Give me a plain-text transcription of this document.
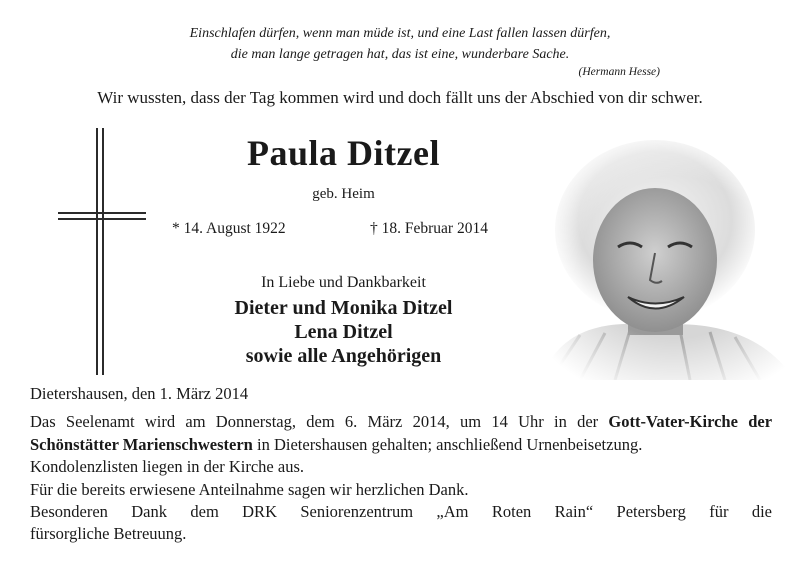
Einschlafen dürfen, wenn man müde ist, und eine Last fallen lassen dürfen,
die man lange getragen hat, das ist eine, wunderbare Sache.
(Hermann Hesse)
Wir wussten, dass der Tag kommen wird und doch fällt uns der Abschied von dir schwer.
Paula Ditzel
geb. Heim
* 14. August 1922	† 18. Februar 2014
In Liebe und Dankbarkeit
Dieter und Monika Ditzel
Lena Ditzel
sowie alle Angehörigen

Dietershausen, den 1. März 2014

Das Seelenamt wird am Donnerstag, dem 6. März 2014, um 14 Uhr in der Gott-Vater-Kirche der Schönstätter Marienschwestern in Dietershausen gehalten; anschließend Urnenbeisetzung.

Kondolenzlisten liegen in der Kirche aus.

Für die bereits erwiesene Anteilnahme sagen wir herzlichen Dank.

Besonderen Dank dem DRK Seniorenzentrum „Am Roten Rain“ Petersberg für die

fürsorgliche Betreuung.
